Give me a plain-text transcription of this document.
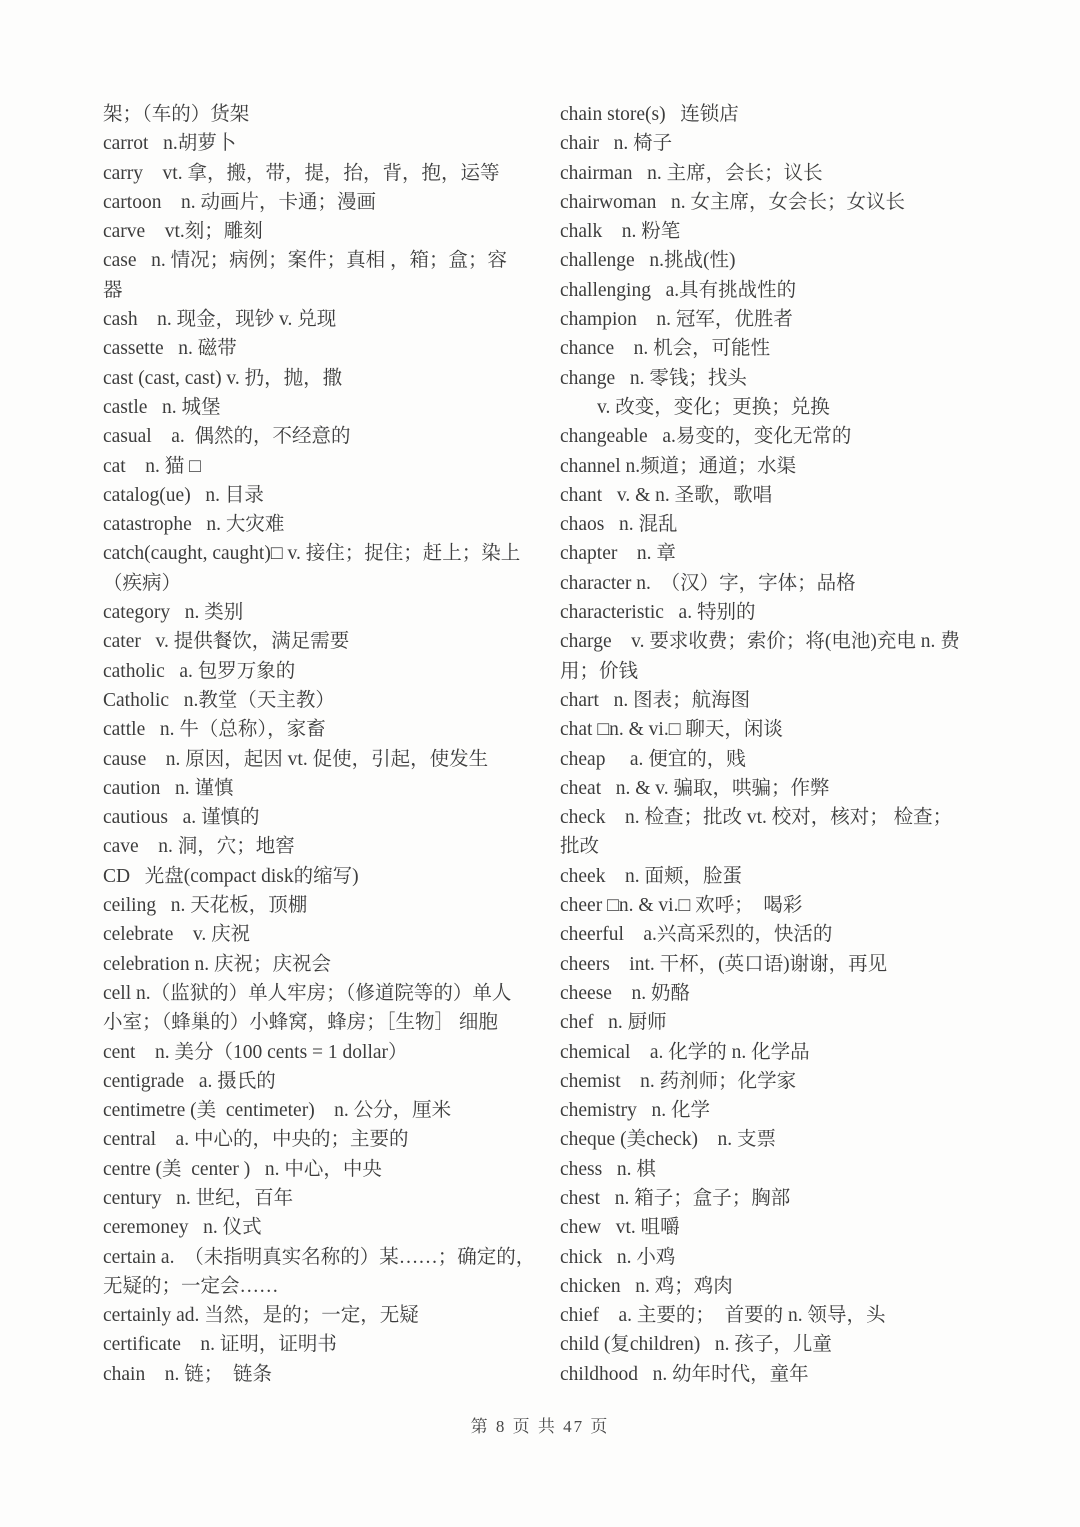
架；（车的）货架
carrot   n.胡萝卜
carry    vt. 拿，搬，带，提，抬，背，抱，运等
cartoon    n. 动画片，卡通；漫画
carve    vt.刻；雕刻
case   n. 情况；病例；案件；真相 ，箱；盒；容
器
cash    n. 现金，现钞 v. 兑现
cassette   n. 磁带
cast (cast, cast) v. 扔，抛，撒
castle   n. 城堡
casual    a.  偶然的，不经意的
cat    n. 猫 □
catalog(ue)   n. 目录
catastrophe   n. 大灾难
catch(caught, caught)□ v. 接住；捉住；赶上；染上
（疾病）
category   n. 类别
cater   v. 提供餐饮，满足需要
catholic   a. 包罗万象的
Catholic   n.教堂（天主教）
cattle   n. 牛（总称），家畜
cause    n. 原因，起因 vt. 促使，引起，使发生
caution   n. 谨慎
cautious   a. 谨慎的
cave    n. 洞，穴；地窖
CD   光盘(compact disk的缩写)
ceiling   n. 天花板，顶棚
celebrate    v. 庆祝
celebration n. 庆祝；庆祝会
cell n.（监狱的）单人牢房；（修道院等的）单人
小室；（蜂巢的）小蜂窝，蜂房；［生物］ 细胞
cent    n. 美分（100 cents = 1 dollar）
centigrade   a. 摄氏的
centimetre (美  centimeter)    n. 公分，厘米
central    a. 中心的，中央的；主要的
centre (美  center )   n. 中心，中央
century   n. 世纪，百年
ceremoney   n. 仪式
certain a.  （未指明真实名称的）某……；确定的，
无疑的；一定会……
certainly ad. 当然，是的；一定，无疑
certificate    n. 证明，证明书
chain    n. 链；  链条
chain store(s)   连锁店
chair   n. 椅子
chairman   n. 主席，会长；议长
chairwoman   n. 女主席，女会长；女议长
chalk    n. 粉笔
challenge   n.挑战(性)
challenging   a.具有挑战性的
champion    n. 冠军，优胜者
chance    n. 机会，可能性
change   n. 零钱；找头
v. 改变，变化；更换；兑换
changeable   a.易变的，变化无常的
channel n.频道；通道；水渠
chant   v. & n. 圣歌，歌唱
chaos   n. 混乱
chapter    n. 章
character n.  （汉）字，字体；品格
characteristic   a. 特别的
charge    v. 要求收费；索价；将(电池)充电 n. 费
用；价钱
chart   n. 图表；航海图
chat □n. & vi.□ 聊天，闲谈
cheap     a. 便宜的，贱
cheat   n. & v. 骗取，哄骗；作弊
check    n. 检查；批改 vt. 校对，核对； 检查；
批改
cheek    n. 面颊，脸蛋
cheer □n. & vi.□ 欢呼；  喝彩
cheerful    a.兴高采烈的，快活的
cheers    int. 干杯，(英口语)谢谢，再见
cheese    n. 奶酪
chef   n. 厨师
chemical    a. 化学的 n. 化学品
chemist    n. 药剂师；化学家
chemistry   n. 化学
cheque (美check)    n. 支票
chess   n. 棋
chest   n. 箱子；盒子；胸部
chew   vt. 咀嚼
chick   n. 小鸡
chicken   n. 鸡；鸡肉
chief    a. 主要的；  首要的 n. 领导，头
child (复children)   n. 孩子，儿童
childhood   n. 幼年时代，童年
第 8 页 共 47 页
